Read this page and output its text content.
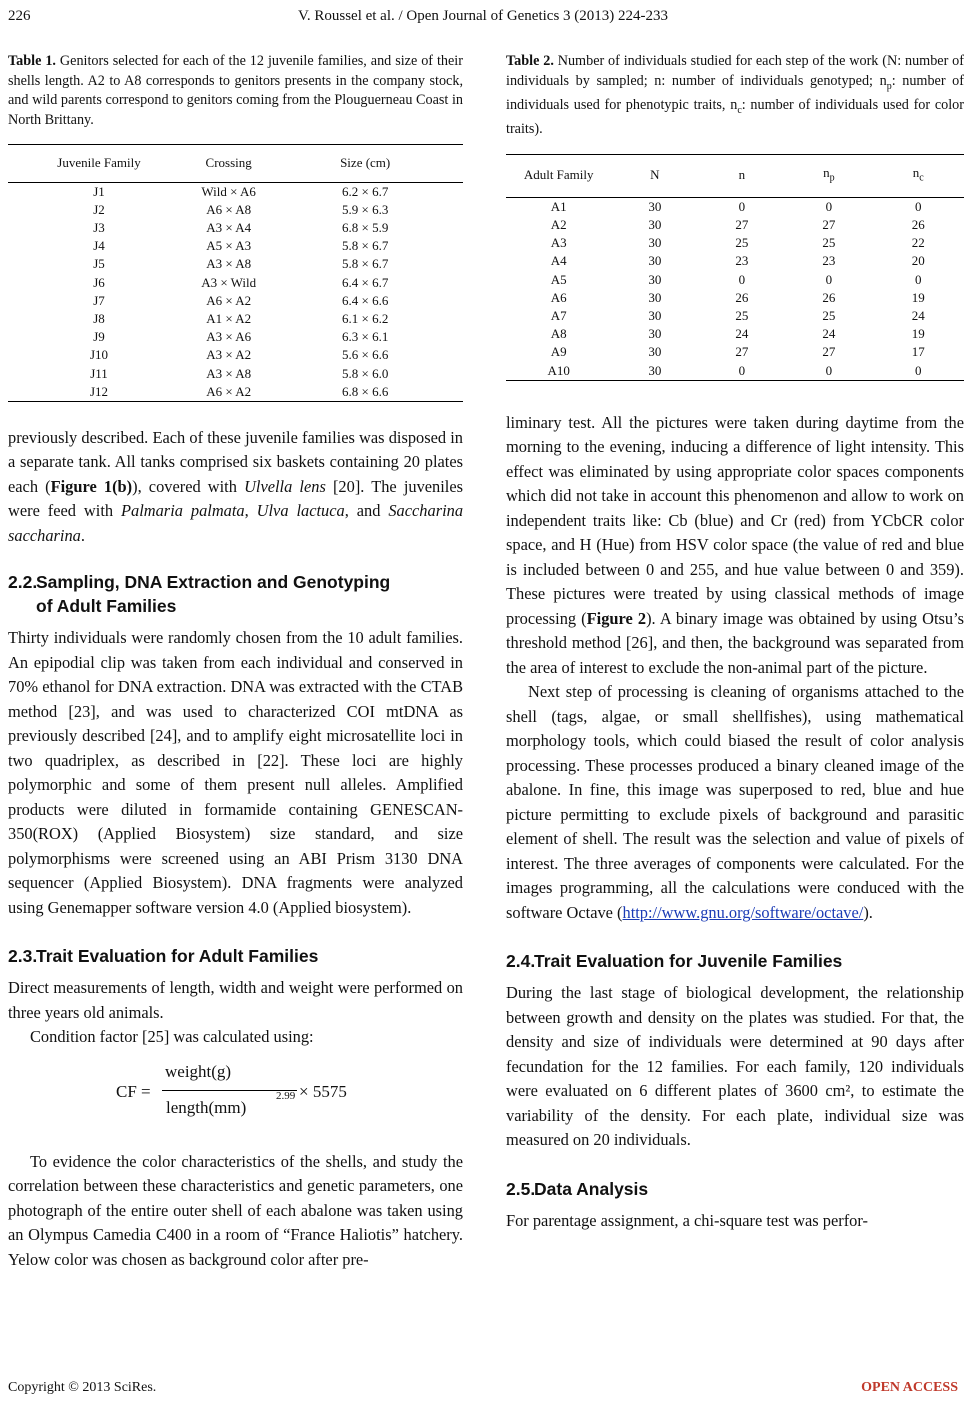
226	V. Roussel et al. / Open Journal of Genetics 3 (2013) 224-233

Table 1. Genitors selected for each of the 12 juvenile families, and size of their shells length. A2 to A8 corresponds to genitors presents in the company stock, and wild parents correspond to genitors coming from the Plouguerneau Coast in North Brittany.

Juvenile Family	Crossing	Size (cm)
J1	Wild × A6	6.2 × 6.7
J2	A6 × A8	5.9 × 6.3
J3	A3 × A4	6.8 × 5.9
J4	A5 × A3	5.8 × 6.7
J5	A3 × A8	5.8 × 6.7
J6	A3 × Wild	6.4 × 6.7
J7	A6 × A2	6.4 × 6.6
J8	A1 × A2	6.1 × 6.2
J9	A3 × A6	6.3 × 6.1
J10	A3 × A2	5.6 × 6.6
J11	A3 × A8	5.8 × 6.0
J12	A6 × A2	6.8 × 6.6

previously described. Each of these juvenile families was disposed in a separate tank. All tanks comprised six baskets containing 20 plates each (Figure 1(b)), covered with Ulvella lens [20]. The juveniles were feed with Palmaria palmata, Ulva lactuca, and Saccharina saccharina.

2.2.Sampling, DNA Extraction and Genotyping
of Adult Families

Thirty individuals were randomly chosen from the 10 adult families. An epipodial clip was taken from each individual and conserved in 70% ethanol for DNA extraction. DNA was extracted with the CTAB method [23], and was used to characterized COI mtDNA as previously described [24], and to amplify eight microsatellite loci in two quadriplex, as described in [22]. These loci are highly polymorphic and some of them present null alleles. Amplified products were diluted in formamide containing GENESCAN-350(ROX) (Applied Biosystem) size standard, and size polymorphisms were screened using an ABI Prism 3130 DNA sequencer (Applied Biosystem). DNA fragments were analyzed using Genemapper software version 4.0 (Applied biosystem).

2.3.Trait Evaluation for Adult Families

Direct measurements of length, width and weight were performed on three years old animals.

Condition factor [25] was calculated using:

CF =
weight(g)
length(mm)
2.99 × 5575

To evidence the color characteristics of the shells, and study the correlation between these characteristics and genetic parameters, one photograph of the entire outer shell of each abalone was taken using an Olympus Camedia C400 in a room of “France Haliotis” hatchery. Yelow color was chosen as background color after pre-

Table 2. Number of individuals studied for each step of the work (N: number of individuals by sampled; n: number of individuals genotyped; $n_p$: number of individuals used for phenotypic traits, $n_c$: number of individuals used for color traits).

Adult Family	N	n	$n_p$	$n_c$
A1	30	0	0	0
A2	30	27	27	26
A3	30	25	25	22
A4	30	23	23	20
A5	30	0	0	0
A6	30	26	26	19
A7	30	25	25	24
A8	30	24	24	19
A9	30	27	27	17
A10	30	0	0	0

liminary test. All the pictures were taken during daytime from the morning to the evening, inducing a difference of light intensity. This effect was eliminated by using appropriate color spaces components which did not take in account this phenomenon and allow to work on independent traits like: Cb (blue) and Cr (red) from YCbCR color space, and H (Hue) from HSV color space (the value of red and blue is included between 0 and 255, and hue value between 0 and 359). These pictures were treated by using classical methods of image processing (Figure 2). A binary image was obtained by using Otsu’s threshold method [26], and then, the background was separated from the area of interest to exclude the non-animal part of the picture.

Next step of processing is cleaning of organisms attached to the shell (tags, algae, or small shellfishes), using mathematical morphology tools, which could biased the result of color analysis processing. These processes produced a binary cleaned image of the abalone. In fine, this image was superposed to red, blue and hue picture permitting to exclude pixels of background and parasitic element of shell. The result was the selection and value of pixels of interest. The three averages of components were calculated. For the images programming, all the calculations were conduced with the software Octave (http://www.gnu.org/software/octave/).

2.4.Trait Evaluation for Juvenile Families

During the last stage of biological development, the relationship between growth and density on the plates was studied. For that, the density and size of individuals were determined at 90 days after fecundation for the 12 families. For each family, 120 individuals were evaluated on 6 different plates of 3600 cm², to estimate the variability of the density. For each plate, individual size was measured on 20 individuals.

2.5.Data Analysis

For parentage assignment, a chi-square test was perfor-

Copyright © 2013 SciRes.	OPEN ACCESS
